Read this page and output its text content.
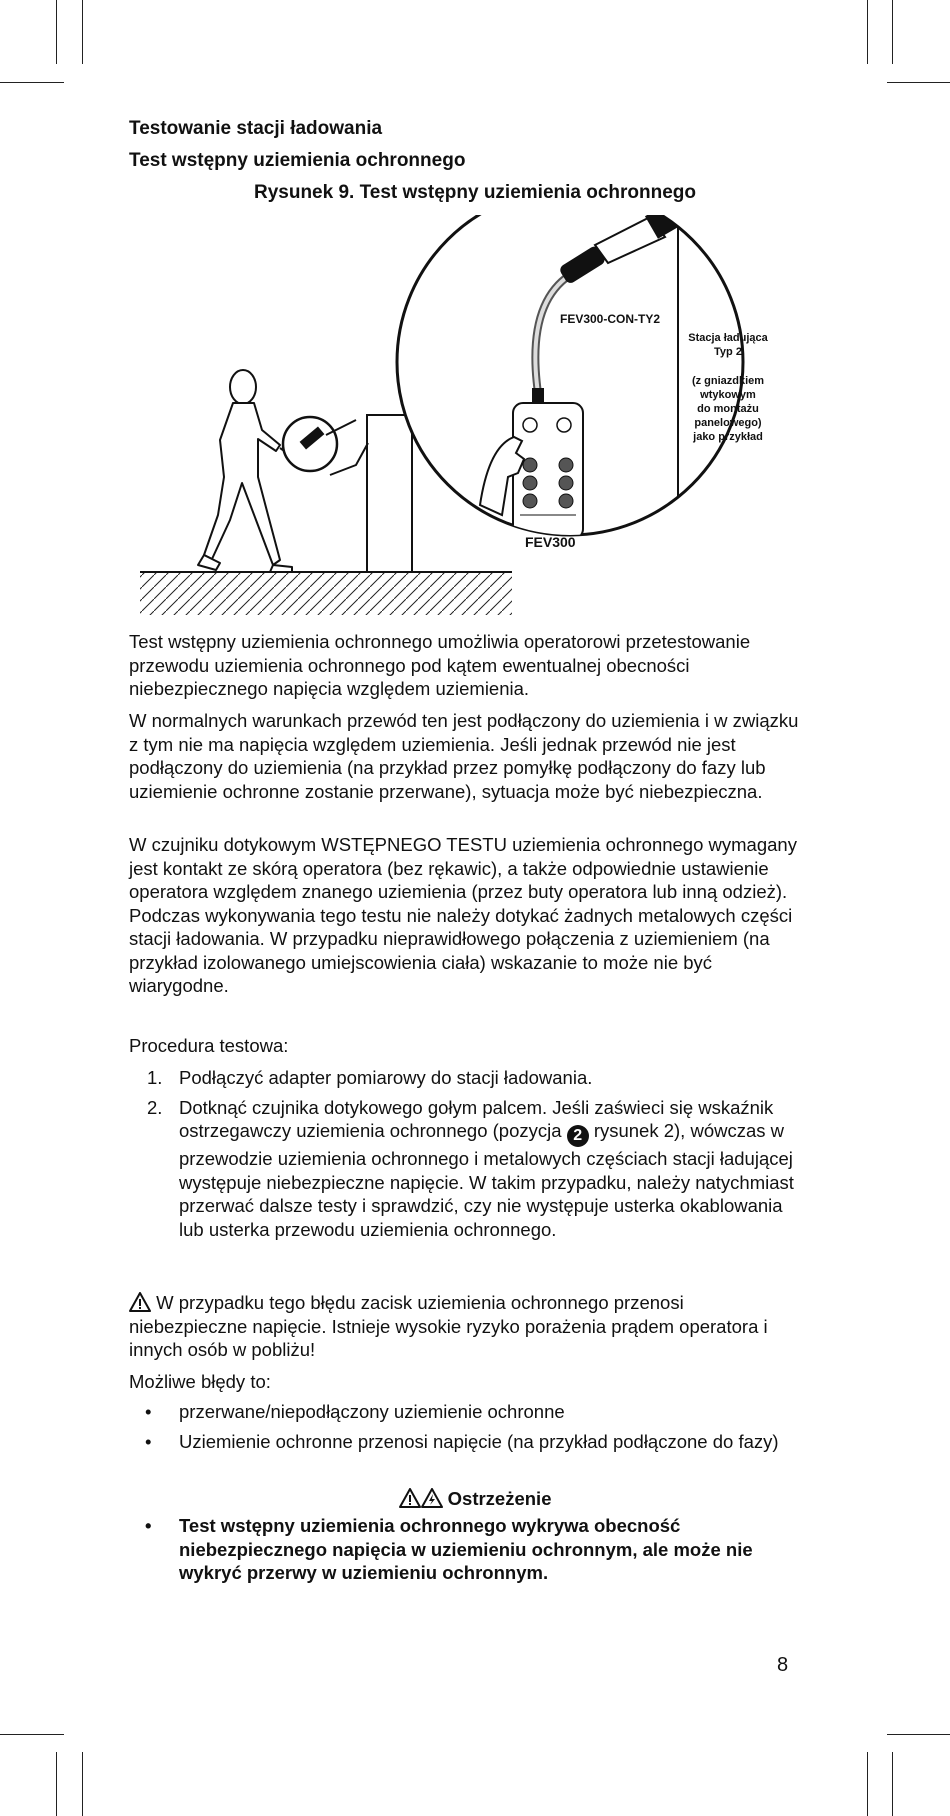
Testowanie stacji ładowania
Test wstępny uziemienia ochronnego

Rysunek 9. Test wstępny uziemienia ochronnego

FEV300-CON-TY2
Stacja ładująca
Typ 2
(z gniazdkiem
wtykowym
do montażu
panelowego)
jako przykład
FEV300

Test wstępny uziemienia ochronnego umożliwia operatorowi przetestowanie przewodu uziemienia ochronnego pod kątem ewentualnej obecności niebezpiecznego napięcia względem uziemienia.

W normalnych warunkach przewód ten jest podłączony do uziemienia i w związku z tym nie ma napięcia względem uziemienia. Jeśli jednak przewód nie jest podłączony do uziemienia (na przykład przez pomyłkę podłączony do fazy lub uziemienie ochronne zostanie przerwane), sytuacja może być niebezpieczna.

W czujniku dotykowym WSTĘPNEGO TESTU uziemienia ochronnego wymagany jest kontakt ze skórą operatora (bez rękawic), a także odpowiednie ustawienie operatora względem znanego uziemienia (przez buty operatora lub inną odzież). Podczas wykonywania tego testu nie należy dotykać żadnych metalowych części stacji ładowania. W przypadku nieprawidłowego połączenia z uziemieniem (na przykład izolowanego umiejscowienia ciała) wskazanie to może nie być wiarygodne.

Procedura testowa:

1. Podłączyć adapter pomiarowy do stacji ładowania.
2. Dotknąć czujnika dotykowego gołym palcem. Jeśli zaświeci się wskaźnik ostrzegawczy uziemienia ochronnego (pozycja 2 rysunek 2), wówczas w przewodzie uziemienia ochronnego i metalowych częściach stacji ładującej występuje niebezpieczne napięcie. W takim przypadku, należy natychmiast przerwać dalsze testy i sprawdzić, czy nie występuje usterka okablowania lub usterka przewodu uziemienia ochronnego.

W przypadku tego błędu zacisk uziemienia ochronnego przenosi niebezpieczne napięcie. Istnieje wysokie ryzyko porażenia prądem operatora i innych osób w pobliżu!

Możliwe błędy to:

• przerwane/niepodłączony uziemienie ochronne
• Uziemienie ochronne przenosi napięcie (na przykład podłączone do fazy)
Ostrzeżenie
• Test wstępny uziemienia ochronnego wykrywa obecność niebezpiecznego napięcia w uziemieniu ochronnym, ale może nie wykryć przerwy w uziemieniu ochronnym.
8
